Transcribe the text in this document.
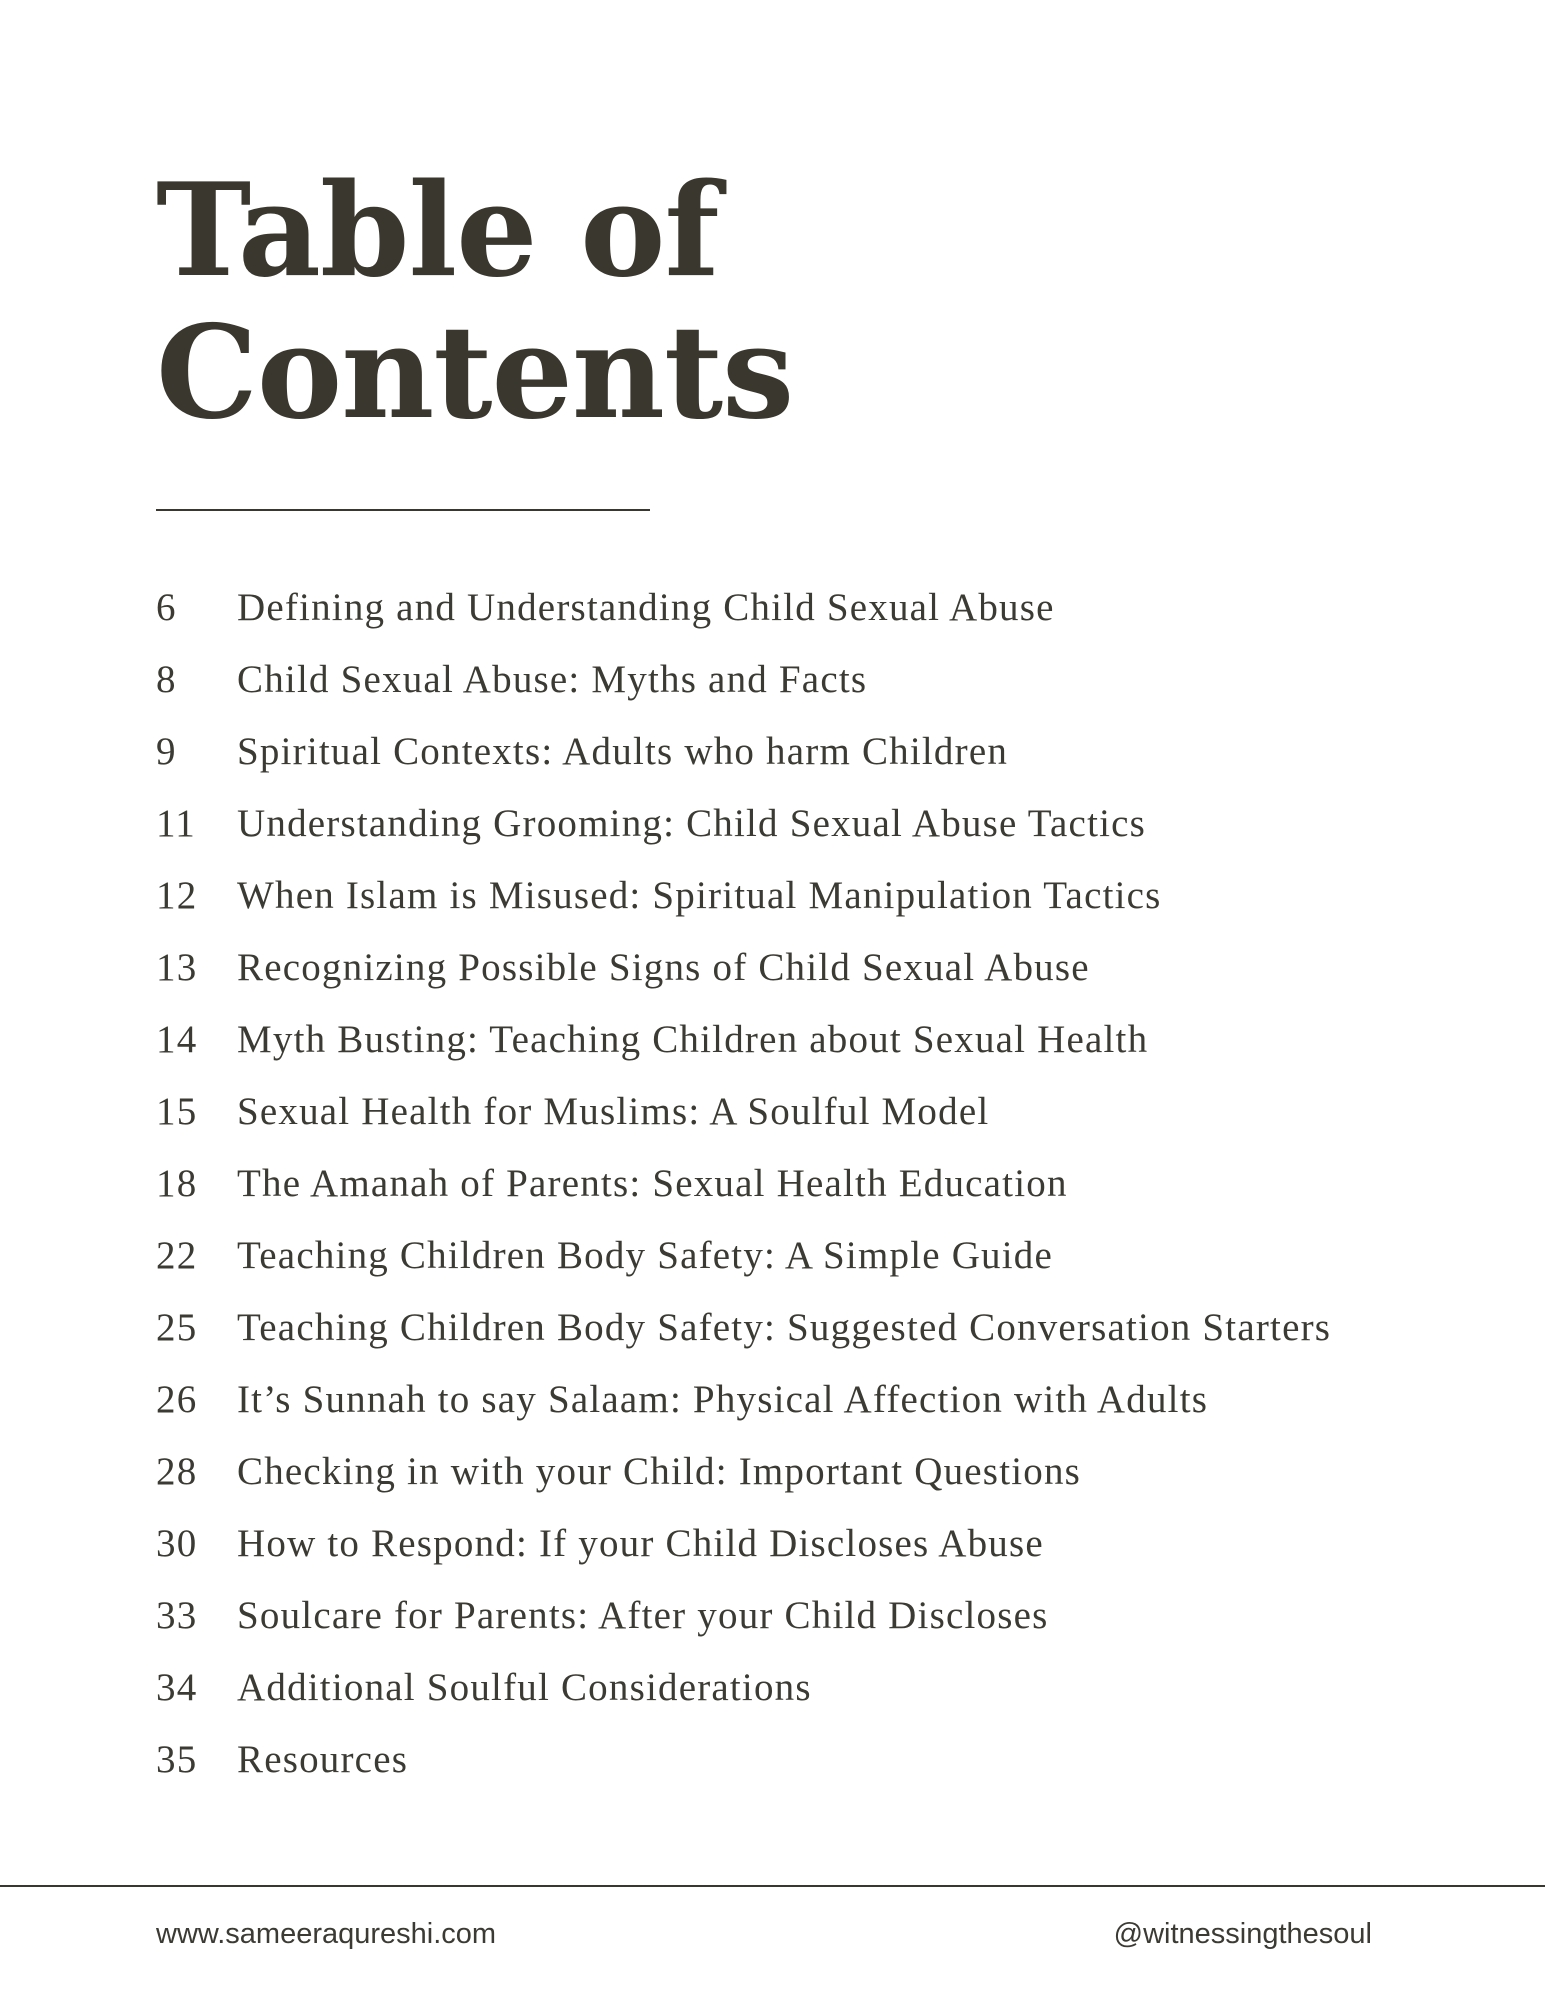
Table of
Contents
6	Defining and Understanding Child Sexual Abuse
8	Child Sexual Abuse: Myths and Facts
9	Spiritual Contexts: Adults who harm Children
11	Understanding Grooming: Child Sexual Abuse Tactics
12	When Islam is Misused: Spiritual Manipulation Tactics
13	Recognizing Possible Signs of Child Sexual Abuse
14	Myth Busting: Teaching Children about Sexual Health
15	Sexual Health for Muslims: A Soulful Model
18	The Amanah of Parents: Sexual Health Education
22	Teaching Children Body Safety: A Simple Guide
25	Teaching Children Body Safety: Suggested Conversation Starters
26	It’s Sunnah to say Salaam: Physical Affection with Adults
28	Checking in with your Child: Important Questions
30	How to Respond: If your Child Discloses Abuse
33	Soulcare for Parents: After your Child Discloses
34	Additional Soulful Considerations
35	Resources
www.sameeraqureshi.com	@witnessingthesoul
